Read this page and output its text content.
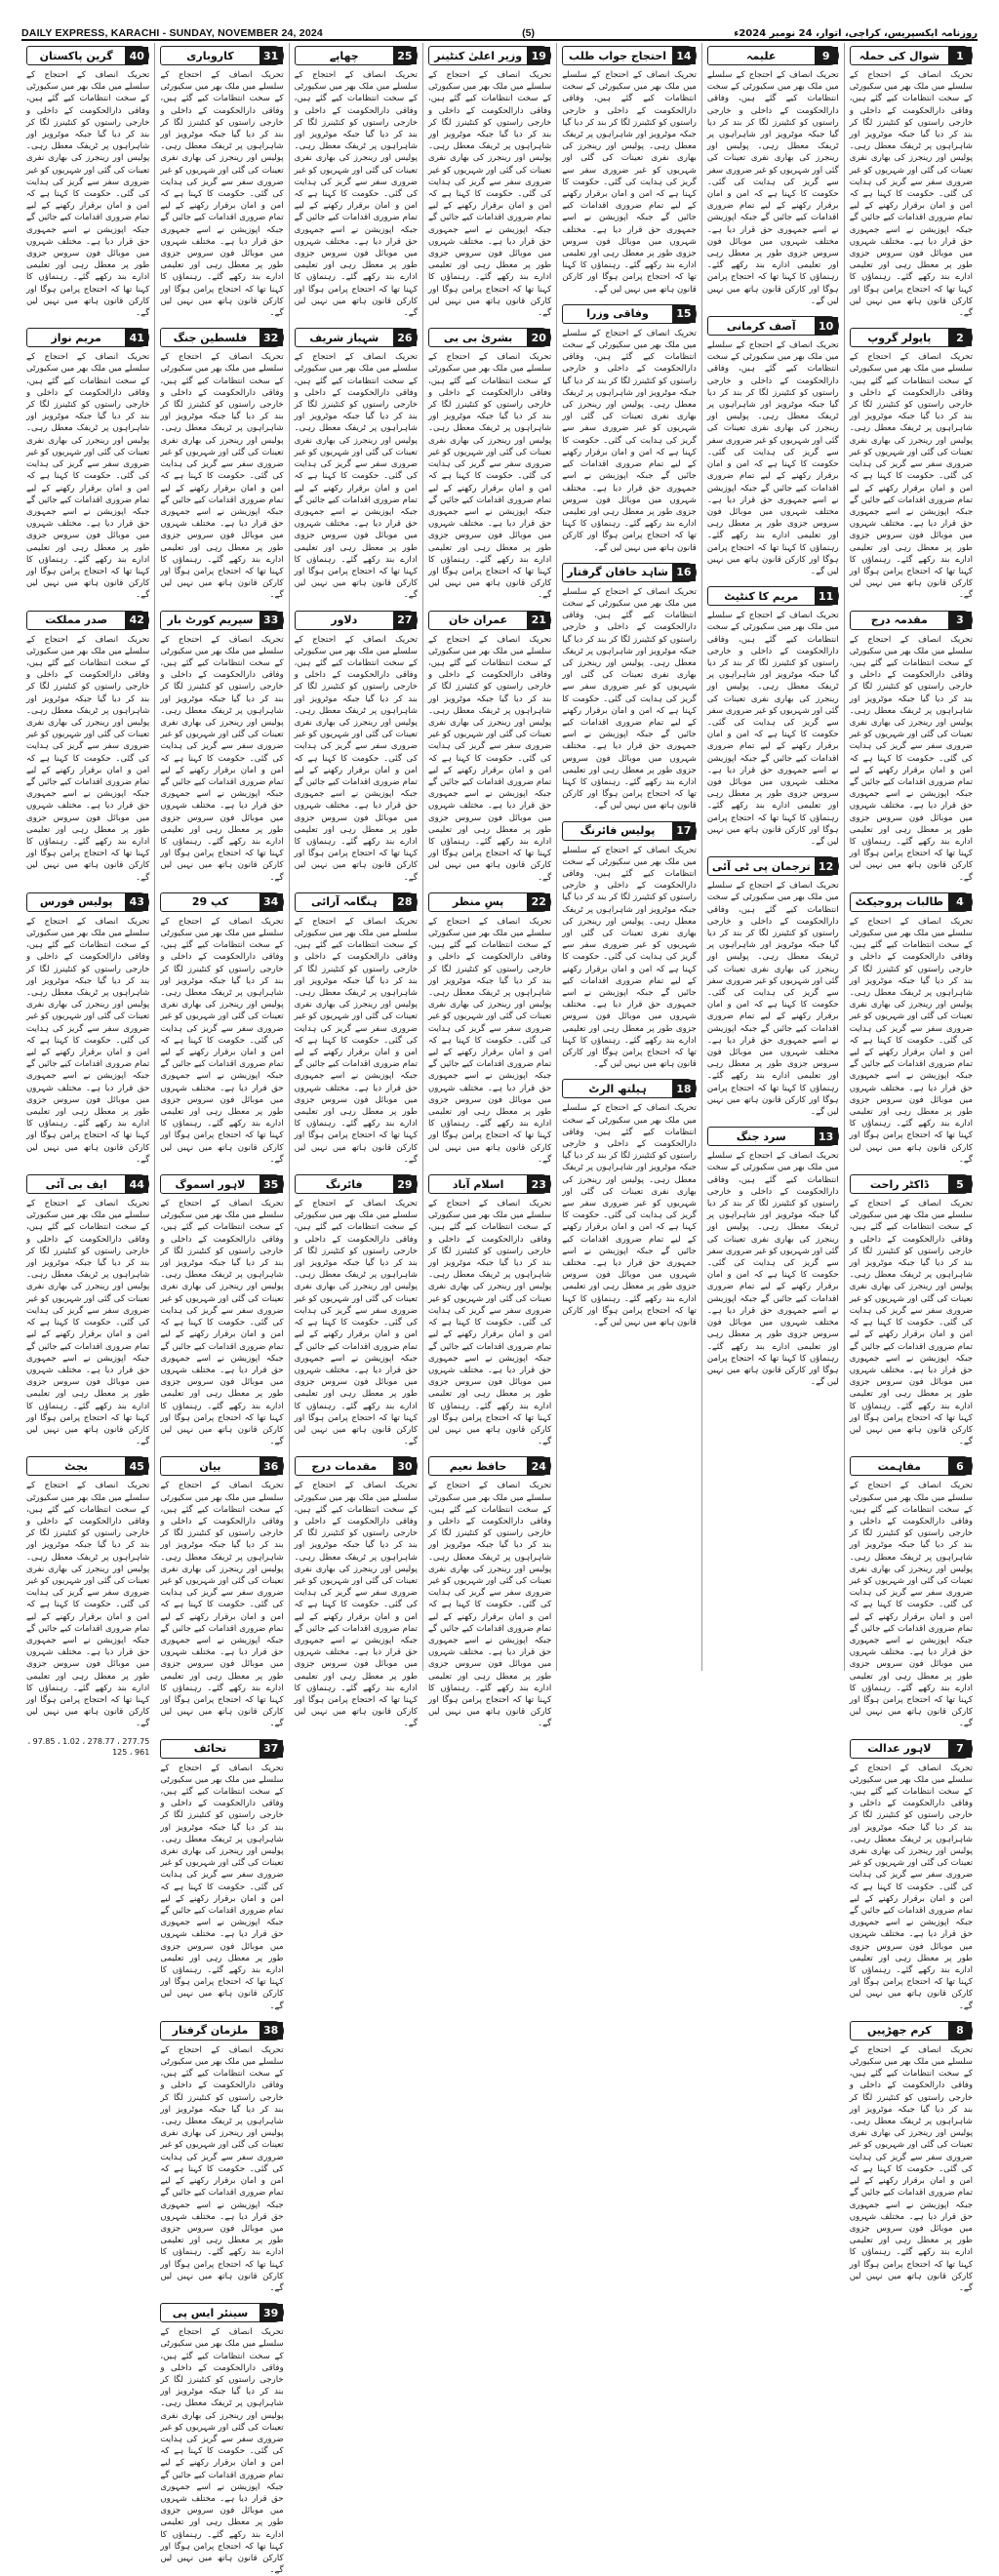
DAILY EXPRESS, KARACHI - SUNDAY, NOVEMBER 24, 2024	(5)	روزنامہ ایکسپریس، کراچی، اتوار، 24 نومبر 2024ء
1
شوال کی حملہ
تحریک انصاف کے احتجاج کے سلسلے میں ملک بھر میں سکیورٹی کے سخت انتظامات کیے گئے ہیں، وفاقی دارالحکومت کے داخلی و خارجی راستوں کو کنٹینرز لگا کر بند کر دیا گیا جبکہ موٹرویز اور شاہراہوں پر ٹریفک معطل رہی۔ پولیس اور رینجرز کی بھاری نفری تعینات کی گئی اور شہریوں کو غیر ضروری سفر سے گریز کی ہدایت کی گئی۔ حکومت کا کہنا ہے کہ امن و امان برقرار رکھنے کے لیے تمام ضروری اقدامات کیے جائیں گے جبکہ اپوزیشن نے اسے جمہوری حق قرار دیا ہے۔ مختلف شہروں میں موبائل فون سروس جزوی طور پر معطل رہی اور تعلیمی ادارے بند رکھے گئے۔ رہنماؤں کا کہنا تھا کہ احتجاج پرامن ہوگا اور کارکن قانون ہاتھ میں نہیں لیں گے۔
2
پاپولر گروپ
تحریک انصاف کے احتجاج کے سلسلے میں ملک بھر میں سکیورٹی کے سخت انتظامات کیے گئے ہیں، وفاقی دارالحکومت کے داخلی و خارجی راستوں کو کنٹینرز لگا کر بند کر دیا گیا جبکہ موٹرویز اور شاہراہوں پر ٹریفک معطل رہی۔ پولیس اور رینجرز کی بھاری نفری تعینات کی گئی اور شہریوں کو غیر ضروری سفر سے گریز کی ہدایت کی گئی۔ حکومت کا کہنا ہے کہ امن و امان برقرار رکھنے کے لیے تمام ضروری اقدامات کیے جائیں گے جبکہ اپوزیشن نے اسے جمہوری حق قرار دیا ہے۔ مختلف شہروں میں موبائل فون سروس جزوی طور پر معطل رہی اور تعلیمی ادارے بند رکھے گئے۔ رہنماؤں کا کہنا تھا کہ احتجاج پرامن ہوگا اور کارکن قانون ہاتھ میں نہیں لیں گے۔
3
مقدمہ درج
تحریک انصاف کے احتجاج کے سلسلے میں ملک بھر میں سکیورٹی کے سخت انتظامات کیے گئے ہیں، وفاقی دارالحکومت کے داخلی و خارجی راستوں کو کنٹینرز لگا کر بند کر دیا گیا جبکہ موٹرویز اور شاہراہوں پر ٹریفک معطل رہی۔ پولیس اور رینجرز کی بھاری نفری تعینات کی گئی اور شہریوں کو غیر ضروری سفر سے گریز کی ہدایت کی گئی۔ حکومت کا کہنا ہے کہ امن و امان برقرار رکھنے کے لیے تمام ضروری اقدامات کیے جائیں گے جبکہ اپوزیشن نے اسے جمہوری حق قرار دیا ہے۔ مختلف شہروں میں موبائل فون سروس جزوی طور پر معطل رہی اور تعلیمی ادارے بند رکھے گئے۔ رہنماؤں کا کہنا تھا کہ احتجاج پرامن ہوگا اور کارکن قانون ہاتھ میں نہیں لیں گے۔
4
طالبات پروجیکٹ
تحریک انصاف کے احتجاج کے سلسلے میں ملک بھر میں سکیورٹی کے سخت انتظامات کیے گئے ہیں، وفاقی دارالحکومت کے داخلی و خارجی راستوں کو کنٹینرز لگا کر بند کر دیا گیا جبکہ موٹرویز اور شاہراہوں پر ٹریفک معطل رہی۔ پولیس اور رینجرز کی بھاری نفری تعینات کی گئی اور شہریوں کو غیر ضروری سفر سے گریز کی ہدایت کی گئی۔ حکومت کا کہنا ہے کہ امن و امان برقرار رکھنے کے لیے تمام ضروری اقدامات کیے جائیں گے جبکہ اپوزیشن نے اسے جمہوری حق قرار دیا ہے۔ مختلف شہروں میں موبائل فون سروس جزوی طور پر معطل رہی اور تعلیمی ادارے بند رکھے گئے۔ رہنماؤں کا کہنا تھا کہ احتجاج پرامن ہوگا اور کارکن قانون ہاتھ میں نہیں لیں گے۔
5
ڈاکٹر راحت
تحریک انصاف کے احتجاج کے سلسلے میں ملک بھر میں سکیورٹی کے سخت انتظامات کیے گئے ہیں، وفاقی دارالحکومت کے داخلی و خارجی راستوں کو کنٹینرز لگا کر بند کر دیا گیا جبکہ موٹرویز اور شاہراہوں پر ٹریفک معطل رہی۔ پولیس اور رینجرز کی بھاری نفری تعینات کی گئی اور شہریوں کو غیر ضروری سفر سے گریز کی ہدایت کی گئی۔ حکومت کا کہنا ہے کہ امن و امان برقرار رکھنے کے لیے تمام ضروری اقدامات کیے جائیں گے جبکہ اپوزیشن نے اسے جمہوری حق قرار دیا ہے۔ مختلف شہروں میں موبائل فون سروس جزوی طور پر معطل رہی اور تعلیمی ادارے بند رکھے گئے۔ رہنماؤں کا کہنا تھا کہ احتجاج پرامن ہوگا اور کارکن قانون ہاتھ میں نہیں لیں گے۔
6
مفاہمت
تحریک انصاف کے احتجاج کے سلسلے میں ملک بھر میں سکیورٹی کے سخت انتظامات کیے گئے ہیں، وفاقی دارالحکومت کے داخلی و خارجی راستوں کو کنٹینرز لگا کر بند کر دیا گیا جبکہ موٹرویز اور شاہراہوں پر ٹریفک معطل رہی۔ پولیس اور رینجرز کی بھاری نفری تعینات کی گئی اور شہریوں کو غیر ضروری سفر سے گریز کی ہدایت کی گئی۔ حکومت کا کہنا ہے کہ امن و امان برقرار رکھنے کے لیے تمام ضروری اقدامات کیے جائیں گے جبکہ اپوزیشن نے اسے جمہوری حق قرار دیا ہے۔ مختلف شہروں میں موبائل فون سروس جزوی طور پر معطل رہی اور تعلیمی ادارے بند رکھے گئے۔ رہنماؤں کا کہنا تھا کہ احتجاج پرامن ہوگا اور کارکن قانون ہاتھ میں نہیں لیں گے۔
7
لاہور عدالت
تحریک انصاف کے احتجاج کے سلسلے میں ملک بھر میں سکیورٹی کے سخت انتظامات کیے گئے ہیں، وفاقی دارالحکومت کے داخلی و خارجی راستوں کو کنٹینرز لگا کر بند کر دیا گیا جبکہ موٹرویز اور شاہراہوں پر ٹریفک معطل رہی۔ پولیس اور رینجرز کی بھاری نفری تعینات کی گئی اور شہریوں کو غیر ضروری سفر سے گریز کی ہدایت کی گئی۔ حکومت کا کہنا ہے کہ امن و امان برقرار رکھنے کے لیے تمام ضروری اقدامات کیے جائیں گے جبکہ اپوزیشن نے اسے جمہوری حق قرار دیا ہے۔ مختلف شہروں میں موبائل فون سروس جزوی طور پر معطل رہی اور تعلیمی ادارے بند رکھے گئے۔ رہنماؤں کا کہنا تھا کہ احتجاج پرامن ہوگا اور کارکن قانون ہاتھ میں نہیں لیں گے۔
8
کرم جھڑپیں
تحریک انصاف کے احتجاج کے سلسلے میں ملک بھر میں سکیورٹی کے سخت انتظامات کیے گئے ہیں، وفاقی دارالحکومت کے داخلی و خارجی راستوں کو کنٹینرز لگا کر بند کر دیا گیا جبکہ موٹرویز اور شاہراہوں پر ٹریفک معطل رہی۔ پولیس اور رینجرز کی بھاری نفری تعینات کی گئی اور شہریوں کو غیر ضروری سفر سے گریز کی ہدایت کی گئی۔ حکومت کا کہنا ہے کہ امن و امان برقرار رکھنے کے لیے تمام ضروری اقدامات کیے جائیں گے جبکہ اپوزیشن نے اسے جمہوری حق قرار دیا ہے۔ مختلف شہروں میں موبائل فون سروس جزوی طور پر معطل رہی اور تعلیمی ادارے بند رکھے گئے۔ رہنماؤں کا کہنا تھا کہ احتجاج پرامن ہوگا اور کارکن قانون ہاتھ میں نہیں لیں گے۔
9
علیمہ
تحریک انصاف کے احتجاج کے سلسلے میں ملک بھر میں سکیورٹی کے سخت انتظامات کیے گئے ہیں، وفاقی دارالحکومت کے داخلی و خارجی راستوں کو کنٹینرز لگا کر بند کر دیا گیا جبکہ موٹرویز اور شاہراہوں پر ٹریفک معطل رہی۔ پولیس اور رینجرز کی بھاری نفری تعینات کی گئی اور شہریوں کو غیر ضروری سفر سے گریز کی ہدایت کی گئی۔ حکومت کا کہنا ہے کہ امن و امان برقرار رکھنے کے لیے تمام ضروری اقدامات کیے جائیں گے جبکہ اپوزیشن نے اسے جمہوری حق قرار دیا ہے۔ مختلف شہروں میں موبائل فون سروس جزوی طور پر معطل رہی اور تعلیمی ادارے بند رکھے گئے۔ رہنماؤں کا کہنا تھا کہ احتجاج پرامن ہوگا اور کارکن قانون ہاتھ میں نہیں لیں گے۔
10
آصف کرمانی
تحریک انصاف کے احتجاج کے سلسلے میں ملک بھر میں سکیورٹی کے سخت انتظامات کیے گئے ہیں، وفاقی دارالحکومت کے داخلی و خارجی راستوں کو کنٹینرز لگا کر بند کر دیا گیا جبکہ موٹرویز اور شاہراہوں پر ٹریفک معطل رہی۔ پولیس اور رینجرز کی بھاری نفری تعینات کی گئی اور شہریوں کو غیر ضروری سفر سے گریز کی ہدایت کی گئی۔ حکومت کا کہنا ہے کہ امن و امان برقرار رکھنے کے لیے تمام ضروری اقدامات کیے جائیں گے جبکہ اپوزیشن نے اسے جمہوری حق قرار دیا ہے۔ مختلف شہروں میں موبائل فون سروس جزوی طور پر معطل رہی اور تعلیمی ادارے بند رکھے گئے۔ رہنماؤں کا کہنا تھا کہ احتجاج پرامن ہوگا اور کارکن قانون ہاتھ میں نہیں لیں گے۔
11
مریم کا کنٹیٹ
تحریک انصاف کے احتجاج کے سلسلے میں ملک بھر میں سکیورٹی کے سخت انتظامات کیے گئے ہیں، وفاقی دارالحکومت کے داخلی و خارجی راستوں کو کنٹینرز لگا کر بند کر دیا گیا جبکہ موٹرویز اور شاہراہوں پر ٹریفک معطل رہی۔ پولیس اور رینجرز کی بھاری نفری تعینات کی گئی اور شہریوں کو غیر ضروری سفر سے گریز کی ہدایت کی گئی۔ حکومت کا کہنا ہے کہ امن و امان برقرار رکھنے کے لیے تمام ضروری اقدامات کیے جائیں گے جبکہ اپوزیشن نے اسے جمہوری حق قرار دیا ہے۔ مختلف شہروں میں موبائل فون سروس جزوی طور پر معطل رہی اور تعلیمی ادارے بند رکھے گئے۔ رہنماؤں کا کہنا تھا کہ احتجاج پرامن ہوگا اور کارکن قانون ہاتھ میں نہیں لیں گے۔
12
ترجمان پی ٹی آئی
تحریک انصاف کے احتجاج کے سلسلے میں ملک بھر میں سکیورٹی کے سخت انتظامات کیے گئے ہیں، وفاقی دارالحکومت کے داخلی و خارجی راستوں کو کنٹینرز لگا کر بند کر دیا گیا جبکہ موٹرویز اور شاہراہوں پر ٹریفک معطل رہی۔ پولیس اور رینجرز کی بھاری نفری تعینات کی گئی اور شہریوں کو غیر ضروری سفر سے گریز کی ہدایت کی گئی۔ حکومت کا کہنا ہے کہ امن و امان برقرار رکھنے کے لیے تمام ضروری اقدامات کیے جائیں گے جبکہ اپوزیشن نے اسے جمہوری حق قرار دیا ہے۔ مختلف شہروں میں موبائل فون سروس جزوی طور پر معطل رہی اور تعلیمی ادارے بند رکھے گئے۔ رہنماؤں کا کہنا تھا کہ احتجاج پرامن ہوگا اور کارکن قانون ہاتھ میں نہیں لیں گے۔
13
سرد جنگ
تحریک انصاف کے احتجاج کے سلسلے میں ملک بھر میں سکیورٹی کے سخت انتظامات کیے گئے ہیں، وفاقی دارالحکومت کے داخلی و خارجی راستوں کو کنٹینرز لگا کر بند کر دیا گیا جبکہ موٹرویز اور شاہراہوں پر ٹریفک معطل رہی۔ پولیس اور رینجرز کی بھاری نفری تعینات کی گئی اور شہریوں کو غیر ضروری سفر سے گریز کی ہدایت کی گئی۔ حکومت کا کہنا ہے کہ امن و امان برقرار رکھنے کے لیے تمام ضروری اقدامات کیے جائیں گے جبکہ اپوزیشن نے اسے جمہوری حق قرار دیا ہے۔ مختلف شہروں میں موبائل فون سروس جزوی طور پر معطل رہی اور تعلیمی ادارے بند رکھے گئے۔ رہنماؤں کا کہنا تھا کہ احتجاج پرامن ہوگا اور کارکن قانون ہاتھ میں نہیں لیں گے۔
14
احتجاج جواب طلب
تحریک انصاف کے احتجاج کے سلسلے میں ملک بھر میں سکیورٹی کے سخت انتظامات کیے گئے ہیں، وفاقی دارالحکومت کے داخلی و خارجی راستوں کو کنٹینرز لگا کر بند کر دیا گیا جبکہ موٹرویز اور شاہراہوں پر ٹریفک معطل رہی۔ پولیس اور رینجرز کی بھاری نفری تعینات کی گئی اور شہریوں کو غیر ضروری سفر سے گریز کی ہدایت کی گئی۔ حکومت کا کہنا ہے کہ امن و امان برقرار رکھنے کے لیے تمام ضروری اقدامات کیے جائیں گے جبکہ اپوزیشن نے اسے جمہوری حق قرار دیا ہے۔ مختلف شہروں میں موبائل فون سروس جزوی طور پر معطل رہی اور تعلیمی ادارے بند رکھے گئے۔ رہنماؤں کا کہنا تھا کہ احتجاج پرامن ہوگا اور کارکن قانون ہاتھ میں نہیں لیں گے۔
15
وفاقی وزرا
تحریک انصاف کے احتجاج کے سلسلے میں ملک بھر میں سکیورٹی کے سخت انتظامات کیے گئے ہیں، وفاقی دارالحکومت کے داخلی و خارجی راستوں کو کنٹینرز لگا کر بند کر دیا گیا جبکہ موٹرویز اور شاہراہوں پر ٹریفک معطل رہی۔ پولیس اور رینجرز کی بھاری نفری تعینات کی گئی اور شہریوں کو غیر ضروری سفر سے گریز کی ہدایت کی گئی۔ حکومت کا کہنا ہے کہ امن و امان برقرار رکھنے کے لیے تمام ضروری اقدامات کیے جائیں گے جبکہ اپوزیشن نے اسے جمہوری حق قرار دیا ہے۔ مختلف شہروں میں موبائل فون سروس جزوی طور پر معطل رہی اور تعلیمی ادارے بند رکھے گئے۔ رہنماؤں کا کہنا تھا کہ احتجاج پرامن ہوگا اور کارکن قانون ہاتھ میں نہیں لیں گے۔
16
شاہد خاقان گرفتار
تحریک انصاف کے احتجاج کے سلسلے میں ملک بھر میں سکیورٹی کے سخت انتظامات کیے گئے ہیں، وفاقی دارالحکومت کے داخلی و خارجی راستوں کو کنٹینرز لگا کر بند کر دیا گیا جبکہ موٹرویز اور شاہراہوں پر ٹریفک معطل رہی۔ پولیس اور رینجرز کی بھاری نفری تعینات کی گئی اور شہریوں کو غیر ضروری سفر سے گریز کی ہدایت کی گئی۔ حکومت کا کہنا ہے کہ امن و امان برقرار رکھنے کے لیے تمام ضروری اقدامات کیے جائیں گے جبکہ اپوزیشن نے اسے جمہوری حق قرار دیا ہے۔ مختلف شہروں میں موبائل فون سروس جزوی طور پر معطل رہی اور تعلیمی ادارے بند رکھے گئے۔ رہنماؤں کا کہنا تھا کہ احتجاج پرامن ہوگا اور کارکن قانون ہاتھ میں نہیں لیں گے۔
17
پولیس فائرنگ
تحریک انصاف کے احتجاج کے سلسلے میں ملک بھر میں سکیورٹی کے سخت انتظامات کیے گئے ہیں، وفاقی دارالحکومت کے داخلی و خارجی راستوں کو کنٹینرز لگا کر بند کر دیا گیا جبکہ موٹرویز اور شاہراہوں پر ٹریفک معطل رہی۔ پولیس اور رینجرز کی بھاری نفری تعینات کی گئی اور شہریوں کو غیر ضروری سفر سے گریز کی ہدایت کی گئی۔ حکومت کا کہنا ہے کہ امن و امان برقرار رکھنے کے لیے تمام ضروری اقدامات کیے جائیں گے جبکہ اپوزیشن نے اسے جمہوری حق قرار دیا ہے۔ مختلف شہروں میں موبائل فون سروس جزوی طور پر معطل رہی اور تعلیمی ادارے بند رکھے گئے۔ رہنماؤں کا کہنا تھا کہ احتجاج پرامن ہوگا اور کارکن قانون ہاتھ میں نہیں لیں گے۔
18
ہیلتھ الرٹ
تحریک انصاف کے احتجاج کے سلسلے میں ملک بھر میں سکیورٹی کے سخت انتظامات کیے گئے ہیں، وفاقی دارالحکومت کے داخلی و خارجی راستوں کو کنٹینرز لگا کر بند کر دیا گیا جبکہ موٹرویز اور شاہراہوں پر ٹریفک معطل رہی۔ پولیس اور رینجرز کی بھاری نفری تعینات کی گئی اور شہریوں کو غیر ضروری سفر سے گریز کی ہدایت کی گئی۔ حکومت کا کہنا ہے کہ امن و امان برقرار رکھنے کے لیے تمام ضروری اقدامات کیے جائیں گے جبکہ اپوزیشن نے اسے جمہوری حق قرار دیا ہے۔ مختلف شہروں میں موبائل فون سروس جزوی طور پر معطل رہی اور تعلیمی ادارے بند رکھے گئے۔ رہنماؤں کا کہنا تھا کہ احتجاج پرامن ہوگا اور کارکن قانون ہاتھ میں نہیں لیں گے۔
19
وزیر اعلیٰ کنٹینر
تحریک انصاف کے احتجاج کے سلسلے میں ملک بھر میں سکیورٹی کے سخت انتظامات کیے گئے ہیں، وفاقی دارالحکومت کے داخلی و خارجی راستوں کو کنٹینرز لگا کر بند کر دیا گیا جبکہ موٹرویز اور شاہراہوں پر ٹریفک معطل رہی۔ پولیس اور رینجرز کی بھاری نفری تعینات کی گئی اور شہریوں کو غیر ضروری سفر سے گریز کی ہدایت کی گئی۔ حکومت کا کہنا ہے کہ امن و امان برقرار رکھنے کے لیے تمام ضروری اقدامات کیے جائیں گے جبکہ اپوزیشن نے اسے جمہوری حق قرار دیا ہے۔ مختلف شہروں میں موبائل فون سروس جزوی طور پر معطل رہی اور تعلیمی ادارے بند رکھے گئے۔ رہنماؤں کا کہنا تھا کہ احتجاج پرامن ہوگا اور کارکن قانون ہاتھ میں نہیں لیں گے۔
20
بشریٰ بی بی
تحریک انصاف کے احتجاج کے سلسلے میں ملک بھر میں سکیورٹی کے سخت انتظامات کیے گئے ہیں، وفاقی دارالحکومت کے داخلی و خارجی راستوں کو کنٹینرز لگا کر بند کر دیا گیا جبکہ موٹرویز اور شاہراہوں پر ٹریفک معطل رہی۔ پولیس اور رینجرز کی بھاری نفری تعینات کی گئی اور شہریوں کو غیر ضروری سفر سے گریز کی ہدایت کی گئی۔ حکومت کا کہنا ہے کہ امن و امان برقرار رکھنے کے لیے تمام ضروری اقدامات کیے جائیں گے جبکہ اپوزیشن نے اسے جمہوری حق قرار دیا ہے۔ مختلف شہروں میں موبائل فون سروس جزوی طور پر معطل رہی اور تعلیمی ادارے بند رکھے گئے۔ رہنماؤں کا کہنا تھا کہ احتجاج پرامن ہوگا اور کارکن قانون ہاتھ میں نہیں لیں گے۔
21
عمران خان
تحریک انصاف کے احتجاج کے سلسلے میں ملک بھر میں سکیورٹی کے سخت انتظامات کیے گئے ہیں، وفاقی دارالحکومت کے داخلی و خارجی راستوں کو کنٹینرز لگا کر بند کر دیا گیا جبکہ موٹرویز اور شاہراہوں پر ٹریفک معطل رہی۔ پولیس اور رینجرز کی بھاری نفری تعینات کی گئی اور شہریوں کو غیر ضروری سفر سے گریز کی ہدایت کی گئی۔ حکومت کا کہنا ہے کہ امن و امان برقرار رکھنے کے لیے تمام ضروری اقدامات کیے جائیں گے جبکہ اپوزیشن نے اسے جمہوری حق قرار دیا ہے۔ مختلف شہروں میں موبائل فون سروس جزوی طور پر معطل رہی اور تعلیمی ادارے بند رکھے گئے۔ رہنماؤں کا کہنا تھا کہ احتجاج پرامن ہوگا اور کارکن قانون ہاتھ میں نہیں لیں گے۔
22
پسِ منظر
تحریک انصاف کے احتجاج کے سلسلے میں ملک بھر میں سکیورٹی کے سخت انتظامات کیے گئے ہیں، وفاقی دارالحکومت کے داخلی و خارجی راستوں کو کنٹینرز لگا کر بند کر دیا گیا جبکہ موٹرویز اور شاہراہوں پر ٹریفک معطل رہی۔ پولیس اور رینجرز کی بھاری نفری تعینات کی گئی اور شہریوں کو غیر ضروری سفر سے گریز کی ہدایت کی گئی۔ حکومت کا کہنا ہے کہ امن و امان برقرار رکھنے کے لیے تمام ضروری اقدامات کیے جائیں گے جبکہ اپوزیشن نے اسے جمہوری حق قرار دیا ہے۔ مختلف شہروں میں موبائل فون سروس جزوی طور پر معطل رہی اور تعلیمی ادارے بند رکھے گئے۔ رہنماؤں کا کہنا تھا کہ احتجاج پرامن ہوگا اور کارکن قانون ہاتھ میں نہیں لیں گے۔
23
اسلام آباد
تحریک انصاف کے احتجاج کے سلسلے میں ملک بھر میں سکیورٹی کے سخت انتظامات کیے گئے ہیں، وفاقی دارالحکومت کے داخلی و خارجی راستوں کو کنٹینرز لگا کر بند کر دیا گیا جبکہ موٹرویز اور شاہراہوں پر ٹریفک معطل رہی۔ پولیس اور رینجرز کی بھاری نفری تعینات کی گئی اور شہریوں کو غیر ضروری سفر سے گریز کی ہدایت کی گئی۔ حکومت کا کہنا ہے کہ امن و امان برقرار رکھنے کے لیے تمام ضروری اقدامات کیے جائیں گے جبکہ اپوزیشن نے اسے جمہوری حق قرار دیا ہے۔ مختلف شہروں میں موبائل فون سروس جزوی طور پر معطل رہی اور تعلیمی ادارے بند رکھے گئے۔ رہنماؤں کا کہنا تھا کہ احتجاج پرامن ہوگا اور کارکن قانون ہاتھ میں نہیں لیں گے۔
24
حافظ نعیم
تحریک انصاف کے احتجاج کے سلسلے میں ملک بھر میں سکیورٹی کے سخت انتظامات کیے گئے ہیں، وفاقی دارالحکومت کے داخلی و خارجی راستوں کو کنٹینرز لگا کر بند کر دیا گیا جبکہ موٹرویز اور شاہراہوں پر ٹریفک معطل رہی۔ پولیس اور رینجرز کی بھاری نفری تعینات کی گئی اور شہریوں کو غیر ضروری سفر سے گریز کی ہدایت کی گئی۔ حکومت کا کہنا ہے کہ امن و امان برقرار رکھنے کے لیے تمام ضروری اقدامات کیے جائیں گے جبکہ اپوزیشن نے اسے جمہوری حق قرار دیا ہے۔ مختلف شہروں میں موبائل فون سروس جزوی طور پر معطل رہی اور تعلیمی ادارے بند رکھے گئے۔ رہنماؤں کا کہنا تھا کہ احتجاج پرامن ہوگا اور کارکن قانون ہاتھ میں نہیں لیں گے۔
25
چھاپے
تحریک انصاف کے احتجاج کے سلسلے میں ملک بھر میں سکیورٹی کے سخت انتظامات کیے گئے ہیں، وفاقی دارالحکومت کے داخلی و خارجی راستوں کو کنٹینرز لگا کر بند کر دیا گیا جبکہ موٹرویز اور شاہراہوں پر ٹریفک معطل رہی۔ پولیس اور رینجرز کی بھاری نفری تعینات کی گئی اور شہریوں کو غیر ضروری سفر سے گریز کی ہدایت کی گئی۔ حکومت کا کہنا ہے کہ امن و امان برقرار رکھنے کے لیے تمام ضروری اقدامات کیے جائیں گے جبکہ اپوزیشن نے اسے جمہوری حق قرار دیا ہے۔ مختلف شہروں میں موبائل فون سروس جزوی طور پر معطل رہی اور تعلیمی ادارے بند رکھے گئے۔ رہنماؤں کا کہنا تھا کہ احتجاج پرامن ہوگا اور کارکن قانون ہاتھ میں نہیں لیں گے۔
26
شہباز شریف
تحریک انصاف کے احتجاج کے سلسلے میں ملک بھر میں سکیورٹی کے سخت انتظامات کیے گئے ہیں، وفاقی دارالحکومت کے داخلی و خارجی راستوں کو کنٹینرز لگا کر بند کر دیا گیا جبکہ موٹرویز اور شاہراہوں پر ٹریفک معطل رہی۔ پولیس اور رینجرز کی بھاری نفری تعینات کی گئی اور شہریوں کو غیر ضروری سفر سے گریز کی ہدایت کی گئی۔ حکومت کا کہنا ہے کہ امن و امان برقرار رکھنے کے لیے تمام ضروری اقدامات کیے جائیں گے جبکہ اپوزیشن نے اسے جمہوری حق قرار دیا ہے۔ مختلف شہروں میں موبائل فون سروس جزوی طور پر معطل رہی اور تعلیمی ادارے بند رکھے گئے۔ رہنماؤں کا کہنا تھا کہ احتجاج پرامن ہوگا اور کارکن قانون ہاتھ میں نہیں لیں گے۔
27
دلاور
تحریک انصاف کے احتجاج کے سلسلے میں ملک بھر میں سکیورٹی کے سخت انتظامات کیے گئے ہیں، وفاقی دارالحکومت کے داخلی و خارجی راستوں کو کنٹینرز لگا کر بند کر دیا گیا جبکہ موٹرویز اور شاہراہوں پر ٹریفک معطل رہی۔ پولیس اور رینجرز کی بھاری نفری تعینات کی گئی اور شہریوں کو غیر ضروری سفر سے گریز کی ہدایت کی گئی۔ حکومت کا کہنا ہے کہ امن و امان برقرار رکھنے کے لیے تمام ضروری اقدامات کیے جائیں گے جبکہ اپوزیشن نے اسے جمہوری حق قرار دیا ہے۔ مختلف شہروں میں موبائل فون سروس جزوی طور پر معطل رہی اور تعلیمی ادارے بند رکھے گئے۔ رہنماؤں کا کہنا تھا کہ احتجاج پرامن ہوگا اور کارکن قانون ہاتھ میں نہیں لیں گے۔
28
ہنگامہ آرائی
تحریک انصاف کے احتجاج کے سلسلے میں ملک بھر میں سکیورٹی کے سخت انتظامات کیے گئے ہیں، وفاقی دارالحکومت کے داخلی و خارجی راستوں کو کنٹینرز لگا کر بند کر دیا گیا جبکہ موٹرویز اور شاہراہوں پر ٹریفک معطل رہی۔ پولیس اور رینجرز کی بھاری نفری تعینات کی گئی اور شہریوں کو غیر ضروری سفر سے گریز کی ہدایت کی گئی۔ حکومت کا کہنا ہے کہ امن و امان برقرار رکھنے کے لیے تمام ضروری اقدامات کیے جائیں گے جبکہ اپوزیشن نے اسے جمہوری حق قرار دیا ہے۔ مختلف شہروں میں موبائل فون سروس جزوی طور پر معطل رہی اور تعلیمی ادارے بند رکھے گئے۔ رہنماؤں کا کہنا تھا کہ احتجاج پرامن ہوگا اور کارکن قانون ہاتھ میں نہیں لیں گے۔
29
فائرنگ
تحریک انصاف کے احتجاج کے سلسلے میں ملک بھر میں سکیورٹی کے سخت انتظامات کیے گئے ہیں، وفاقی دارالحکومت کے داخلی و خارجی راستوں کو کنٹینرز لگا کر بند کر دیا گیا جبکہ موٹرویز اور شاہراہوں پر ٹریفک معطل رہی۔ پولیس اور رینجرز کی بھاری نفری تعینات کی گئی اور شہریوں کو غیر ضروری سفر سے گریز کی ہدایت کی گئی۔ حکومت کا کہنا ہے کہ امن و امان برقرار رکھنے کے لیے تمام ضروری اقدامات کیے جائیں گے جبکہ اپوزیشن نے اسے جمہوری حق قرار دیا ہے۔ مختلف شہروں میں موبائل فون سروس جزوی طور پر معطل رہی اور تعلیمی ادارے بند رکھے گئے۔ رہنماؤں کا کہنا تھا کہ احتجاج پرامن ہوگا اور کارکن قانون ہاتھ میں نہیں لیں گے۔
30
مقدمات درج
تحریک انصاف کے احتجاج کے سلسلے میں ملک بھر میں سکیورٹی کے سخت انتظامات کیے گئے ہیں، وفاقی دارالحکومت کے داخلی و خارجی راستوں کو کنٹینرز لگا کر بند کر دیا گیا جبکہ موٹرویز اور شاہراہوں پر ٹریفک معطل رہی۔ پولیس اور رینجرز کی بھاری نفری تعینات کی گئی اور شہریوں کو غیر ضروری سفر سے گریز کی ہدایت کی گئی۔ حکومت کا کہنا ہے کہ امن و امان برقرار رکھنے کے لیے تمام ضروری اقدامات کیے جائیں گے جبکہ اپوزیشن نے اسے جمہوری حق قرار دیا ہے۔ مختلف شہروں میں موبائل فون سروس جزوی طور پر معطل رہی اور تعلیمی ادارے بند رکھے گئے۔ رہنماؤں کا کہنا تھا کہ احتجاج پرامن ہوگا اور کارکن قانون ہاتھ میں نہیں لیں گے۔
31
کاروباری
تحریک انصاف کے احتجاج کے سلسلے میں ملک بھر میں سکیورٹی کے سخت انتظامات کیے گئے ہیں، وفاقی دارالحکومت کے داخلی و خارجی راستوں کو کنٹینرز لگا کر بند کر دیا گیا جبکہ موٹرویز اور شاہراہوں پر ٹریفک معطل رہی۔ پولیس اور رینجرز کی بھاری نفری تعینات کی گئی اور شہریوں کو غیر ضروری سفر سے گریز کی ہدایت کی گئی۔ حکومت کا کہنا ہے کہ امن و امان برقرار رکھنے کے لیے تمام ضروری اقدامات کیے جائیں گے جبکہ اپوزیشن نے اسے جمہوری حق قرار دیا ہے۔ مختلف شہروں میں موبائل فون سروس جزوی طور پر معطل رہی اور تعلیمی ادارے بند رکھے گئے۔ رہنماؤں کا کہنا تھا کہ احتجاج پرامن ہوگا اور کارکن قانون ہاتھ میں نہیں لیں گے۔
32
فلسطین جنگ
تحریک انصاف کے احتجاج کے سلسلے میں ملک بھر میں سکیورٹی کے سخت انتظامات کیے گئے ہیں، وفاقی دارالحکومت کے داخلی و خارجی راستوں کو کنٹینرز لگا کر بند کر دیا گیا جبکہ موٹرویز اور شاہراہوں پر ٹریفک معطل رہی۔ پولیس اور رینجرز کی بھاری نفری تعینات کی گئی اور شہریوں کو غیر ضروری سفر سے گریز کی ہدایت کی گئی۔ حکومت کا کہنا ہے کہ امن و امان برقرار رکھنے کے لیے تمام ضروری اقدامات کیے جائیں گے جبکہ اپوزیشن نے اسے جمہوری حق قرار دیا ہے۔ مختلف شہروں میں موبائل فون سروس جزوی طور پر معطل رہی اور تعلیمی ادارے بند رکھے گئے۔ رہنماؤں کا کہنا تھا کہ احتجاج پرامن ہوگا اور کارکن قانون ہاتھ میں نہیں لیں گے۔
33
سپریم کورٹ بار
تحریک انصاف کے احتجاج کے سلسلے میں ملک بھر میں سکیورٹی کے سخت انتظامات کیے گئے ہیں، وفاقی دارالحکومت کے داخلی و خارجی راستوں کو کنٹینرز لگا کر بند کر دیا گیا جبکہ موٹرویز اور شاہراہوں پر ٹریفک معطل رہی۔ پولیس اور رینجرز کی بھاری نفری تعینات کی گئی اور شہریوں کو غیر ضروری سفر سے گریز کی ہدایت کی گئی۔ حکومت کا کہنا ہے کہ امن و امان برقرار رکھنے کے لیے تمام ضروری اقدامات کیے جائیں گے جبکہ اپوزیشن نے اسے جمہوری حق قرار دیا ہے۔ مختلف شہروں میں موبائل فون سروس جزوی طور پر معطل رہی اور تعلیمی ادارے بند رکھے گئے۔ رہنماؤں کا کہنا تھا کہ احتجاج پرامن ہوگا اور کارکن قانون ہاتھ میں نہیں لیں گے۔
34
کپ 29
تحریک انصاف کے احتجاج کے سلسلے میں ملک بھر میں سکیورٹی کے سخت انتظامات کیے گئے ہیں، وفاقی دارالحکومت کے داخلی و خارجی راستوں کو کنٹینرز لگا کر بند کر دیا گیا جبکہ موٹرویز اور شاہراہوں پر ٹریفک معطل رہی۔ پولیس اور رینجرز کی بھاری نفری تعینات کی گئی اور شہریوں کو غیر ضروری سفر سے گریز کی ہدایت کی گئی۔ حکومت کا کہنا ہے کہ امن و امان برقرار رکھنے کے لیے تمام ضروری اقدامات کیے جائیں گے جبکہ اپوزیشن نے اسے جمہوری حق قرار دیا ہے۔ مختلف شہروں میں موبائل فون سروس جزوی طور پر معطل رہی اور تعلیمی ادارے بند رکھے گئے۔ رہنماؤں کا کہنا تھا کہ احتجاج پرامن ہوگا اور کارکن قانون ہاتھ میں نہیں لیں گے۔
35
لاہور اسموگ
تحریک انصاف کے احتجاج کے سلسلے میں ملک بھر میں سکیورٹی کے سخت انتظامات کیے گئے ہیں، وفاقی دارالحکومت کے داخلی و خارجی راستوں کو کنٹینرز لگا کر بند کر دیا گیا جبکہ موٹرویز اور شاہراہوں پر ٹریفک معطل رہی۔ پولیس اور رینجرز کی بھاری نفری تعینات کی گئی اور شہریوں کو غیر ضروری سفر سے گریز کی ہدایت کی گئی۔ حکومت کا کہنا ہے کہ امن و امان برقرار رکھنے کے لیے تمام ضروری اقدامات کیے جائیں گے جبکہ اپوزیشن نے اسے جمہوری حق قرار دیا ہے۔ مختلف شہروں میں موبائل فون سروس جزوی طور پر معطل رہی اور تعلیمی ادارے بند رکھے گئے۔ رہنماؤں کا کہنا تھا کہ احتجاج پرامن ہوگا اور کارکن قانون ہاتھ میں نہیں لیں گے۔
36
بیان
تحریک انصاف کے احتجاج کے سلسلے میں ملک بھر میں سکیورٹی کے سخت انتظامات کیے گئے ہیں، وفاقی دارالحکومت کے داخلی و خارجی راستوں کو کنٹینرز لگا کر بند کر دیا گیا جبکہ موٹرویز اور شاہراہوں پر ٹریفک معطل رہی۔ پولیس اور رینجرز کی بھاری نفری تعینات کی گئی اور شہریوں کو غیر ضروری سفر سے گریز کی ہدایت کی گئی۔ حکومت کا کہنا ہے کہ امن و امان برقرار رکھنے کے لیے تمام ضروری اقدامات کیے جائیں گے جبکہ اپوزیشن نے اسے جمہوری حق قرار دیا ہے۔ مختلف شہروں میں موبائل فون سروس جزوی طور پر معطل رہی اور تعلیمی ادارے بند رکھے گئے۔ رہنماؤں کا کہنا تھا کہ احتجاج پرامن ہوگا اور کارکن قانون ہاتھ میں نہیں لیں گے۔
37
تحائف
تحریک انصاف کے احتجاج کے سلسلے میں ملک بھر میں سکیورٹی کے سخت انتظامات کیے گئے ہیں، وفاقی دارالحکومت کے داخلی و خارجی راستوں کو کنٹینرز لگا کر بند کر دیا گیا جبکہ موٹرویز اور شاہراہوں پر ٹریفک معطل رہی۔ پولیس اور رینجرز کی بھاری نفری تعینات کی گئی اور شہریوں کو غیر ضروری سفر سے گریز کی ہدایت کی گئی۔ حکومت کا کہنا ہے کہ امن و امان برقرار رکھنے کے لیے تمام ضروری اقدامات کیے جائیں گے جبکہ اپوزیشن نے اسے جمہوری حق قرار دیا ہے۔ مختلف شہروں میں موبائل فون سروس جزوی طور پر معطل رہی اور تعلیمی ادارے بند رکھے گئے۔ رہنماؤں کا کہنا تھا کہ احتجاج پرامن ہوگا اور کارکن قانون ہاتھ میں نہیں لیں گے۔
38
ملزمان گرفتار
تحریک انصاف کے احتجاج کے سلسلے میں ملک بھر میں سکیورٹی کے سخت انتظامات کیے گئے ہیں، وفاقی دارالحکومت کے داخلی و خارجی راستوں کو کنٹینرز لگا کر بند کر دیا گیا جبکہ موٹرویز اور شاہراہوں پر ٹریفک معطل رہی۔ پولیس اور رینجرز کی بھاری نفری تعینات کی گئی اور شہریوں کو غیر ضروری سفر سے گریز کی ہدایت کی گئی۔ حکومت کا کہنا ہے کہ امن و امان برقرار رکھنے کے لیے تمام ضروری اقدامات کیے جائیں گے جبکہ اپوزیشن نے اسے جمہوری حق قرار دیا ہے۔ مختلف شہروں میں موبائل فون سروس جزوی طور پر معطل رہی اور تعلیمی ادارے بند رکھے گئے۔ رہنماؤں کا کہنا تھا کہ احتجاج پرامن ہوگا اور کارکن قانون ہاتھ میں نہیں لیں گے۔
39
سینئر ایس پی
تحریک انصاف کے احتجاج کے سلسلے میں ملک بھر میں سکیورٹی کے سخت انتظامات کیے گئے ہیں، وفاقی دارالحکومت کے داخلی و خارجی راستوں کو کنٹینرز لگا کر بند کر دیا گیا جبکہ موٹرویز اور شاہراہوں پر ٹریفک معطل رہی۔ پولیس اور رینجرز کی بھاری نفری تعینات کی گئی اور شہریوں کو غیر ضروری سفر سے گریز کی ہدایت کی گئی۔ حکومت کا کہنا ہے کہ امن و امان برقرار رکھنے کے لیے تمام ضروری اقدامات کیے جائیں گے جبکہ اپوزیشن نے اسے جمہوری حق قرار دیا ہے۔ مختلف شہروں میں موبائل فون سروس جزوی طور پر معطل رہی اور تعلیمی ادارے بند رکھے گئے۔ رہنماؤں کا کہنا تھا کہ احتجاج پرامن ہوگا اور کارکن قانون ہاتھ میں نہیں لیں گے۔
40
گرین پاکستان
تحریک انصاف کے احتجاج کے سلسلے میں ملک بھر میں سکیورٹی کے سخت انتظامات کیے گئے ہیں، وفاقی دارالحکومت کے داخلی و خارجی راستوں کو کنٹینرز لگا کر بند کر دیا گیا جبکہ موٹرویز اور شاہراہوں پر ٹریفک معطل رہی۔ پولیس اور رینجرز کی بھاری نفری تعینات کی گئی اور شہریوں کو غیر ضروری سفر سے گریز کی ہدایت کی گئی۔ حکومت کا کہنا ہے کہ امن و امان برقرار رکھنے کے لیے تمام ضروری اقدامات کیے جائیں گے جبکہ اپوزیشن نے اسے جمہوری حق قرار دیا ہے۔ مختلف شہروں میں موبائل فون سروس جزوی طور پر معطل رہی اور تعلیمی ادارے بند رکھے گئے۔ رہنماؤں کا کہنا تھا کہ احتجاج پرامن ہوگا اور کارکن قانون ہاتھ میں نہیں لیں گے۔
41
مریم نواز
تحریک انصاف کے احتجاج کے سلسلے میں ملک بھر میں سکیورٹی کے سخت انتظامات کیے گئے ہیں، وفاقی دارالحکومت کے داخلی و خارجی راستوں کو کنٹینرز لگا کر بند کر دیا گیا جبکہ موٹرویز اور شاہراہوں پر ٹریفک معطل رہی۔ پولیس اور رینجرز کی بھاری نفری تعینات کی گئی اور شہریوں کو غیر ضروری سفر سے گریز کی ہدایت کی گئی۔ حکومت کا کہنا ہے کہ امن و امان برقرار رکھنے کے لیے تمام ضروری اقدامات کیے جائیں گے جبکہ اپوزیشن نے اسے جمہوری حق قرار دیا ہے۔ مختلف شہروں میں موبائل فون سروس جزوی طور پر معطل رہی اور تعلیمی ادارے بند رکھے گئے۔ رہنماؤں کا کہنا تھا کہ احتجاج پرامن ہوگا اور کارکن قانون ہاتھ میں نہیں لیں گے۔
42
صدر مملکت
تحریک انصاف کے احتجاج کے سلسلے میں ملک بھر میں سکیورٹی کے سخت انتظامات کیے گئے ہیں، وفاقی دارالحکومت کے داخلی و خارجی راستوں کو کنٹینرز لگا کر بند کر دیا گیا جبکہ موٹرویز اور شاہراہوں پر ٹریفک معطل رہی۔ پولیس اور رینجرز کی بھاری نفری تعینات کی گئی اور شہریوں کو غیر ضروری سفر سے گریز کی ہدایت کی گئی۔ حکومت کا کہنا ہے کہ امن و امان برقرار رکھنے کے لیے تمام ضروری اقدامات کیے جائیں گے جبکہ اپوزیشن نے اسے جمہوری حق قرار دیا ہے۔ مختلف شہروں میں موبائل فون سروس جزوی طور پر معطل رہی اور تعلیمی ادارے بند رکھے گئے۔ رہنماؤں کا کہنا تھا کہ احتجاج پرامن ہوگا اور کارکن قانون ہاتھ میں نہیں لیں گے۔
43
پولیس فورس
تحریک انصاف کے احتجاج کے سلسلے میں ملک بھر میں سکیورٹی کے سخت انتظامات کیے گئے ہیں، وفاقی دارالحکومت کے داخلی و خارجی راستوں کو کنٹینرز لگا کر بند کر دیا گیا جبکہ موٹرویز اور شاہراہوں پر ٹریفک معطل رہی۔ پولیس اور رینجرز کی بھاری نفری تعینات کی گئی اور شہریوں کو غیر ضروری سفر سے گریز کی ہدایت کی گئی۔ حکومت کا کہنا ہے کہ امن و امان برقرار رکھنے کے لیے تمام ضروری اقدامات کیے جائیں گے جبکہ اپوزیشن نے اسے جمہوری حق قرار دیا ہے۔ مختلف شہروں میں موبائل فون سروس جزوی طور پر معطل رہی اور تعلیمی ادارے بند رکھے گئے۔ رہنماؤں کا کہنا تھا کہ احتجاج پرامن ہوگا اور کارکن قانون ہاتھ میں نہیں لیں گے۔
44
ایف بی آئی
تحریک انصاف کے احتجاج کے سلسلے میں ملک بھر میں سکیورٹی کے سخت انتظامات کیے گئے ہیں، وفاقی دارالحکومت کے داخلی و خارجی راستوں کو کنٹینرز لگا کر بند کر دیا گیا جبکہ موٹرویز اور شاہراہوں پر ٹریفک معطل رہی۔ پولیس اور رینجرز کی بھاری نفری تعینات کی گئی اور شہریوں کو غیر ضروری سفر سے گریز کی ہدایت کی گئی۔ حکومت کا کہنا ہے کہ امن و امان برقرار رکھنے کے لیے تمام ضروری اقدامات کیے جائیں گے جبکہ اپوزیشن نے اسے جمہوری حق قرار دیا ہے۔ مختلف شہروں میں موبائل فون سروس جزوی طور پر معطل رہی اور تعلیمی ادارے بند رکھے گئے۔ رہنماؤں کا کہنا تھا کہ احتجاج پرامن ہوگا اور کارکن قانون ہاتھ میں نہیں لیں گے۔
45
بجٹ
تحریک انصاف کے احتجاج کے سلسلے میں ملک بھر میں سکیورٹی کے سخت انتظامات کیے گئے ہیں، وفاقی دارالحکومت کے داخلی و خارجی راستوں کو کنٹینرز لگا کر بند کر دیا گیا جبکہ موٹرویز اور شاہراہوں پر ٹریفک معطل رہی۔ پولیس اور رینجرز کی بھاری نفری تعینات کی گئی اور شہریوں کو غیر ضروری سفر سے گریز کی ہدایت کی گئی۔ حکومت کا کہنا ہے کہ امن و امان برقرار رکھنے کے لیے تمام ضروری اقدامات کیے جائیں گے جبکہ اپوزیشن نے اسے جمہوری حق قرار دیا ہے۔ مختلف شہروں میں موبائل فون سروس جزوی طور پر معطل رہی اور تعلیمی ادارے بند رکھے گئے۔ رہنماؤں کا کہنا تھا کہ احتجاج پرامن ہوگا اور کارکن قانون ہاتھ میں نہیں لیں گے۔
277.75 ، 278.77 ، 1.02 ، 97.85 ، 961 ، 125
